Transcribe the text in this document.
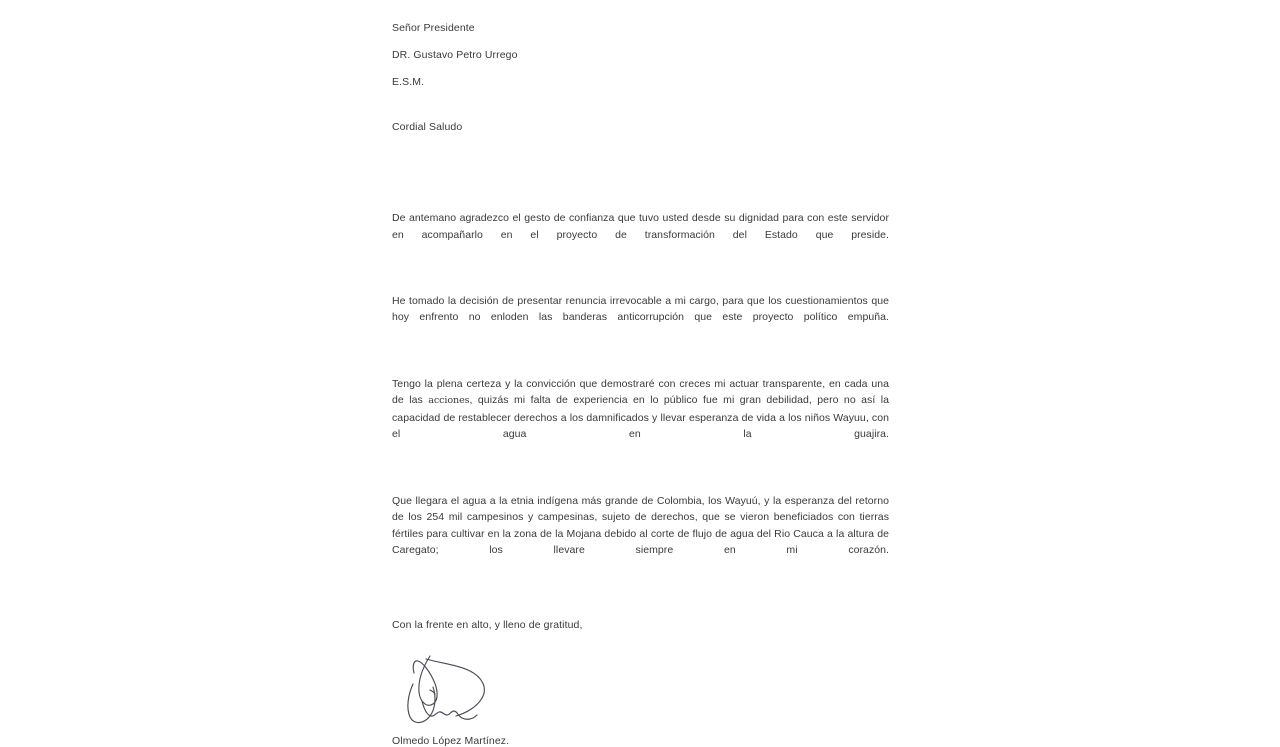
Señor Presidente
DR. Gustavo Petro Urrego
E.S.M.
Cordial Saludo

De antemano agradezco el gesto de confianza que tuvo usted desde su dignidad para con este servidor en acompañarlo en el proyecto de transformación del Estado que preside.

He tomado la decisión de presentar renuncia irrevocable a mi cargo, para que los cuestionamientos que hoy enfrento no enloden las banderas anticorrupción que este proyecto político empuña.

Tengo la plena certeza y la convicción que demostraré con creces mi actuar transparente, en cada una de las acciones, quizás mi falta de experiencia en lo público fue mi gran debilidad, pero no así la capacidad de restablecer derechos a los damnificados y llevar esperanza de vida a los niños Wayuu, con el agua en la guajira.

Que llegara el agua a la etnia indígena más grande de Colombia, los Wayuú, y la esperanza del retorno de los 254 mil campesinos y campesinas, sujeto de derechos, que se vieron beneficiados con tierras fértiles para cultivar en la zona de la Mojana debido al corte de flujo de agua del Rio Cauca a la altura de Caregato; los llevare siempre en mi corazón.

Con la frente en alto, y lleno de gratitud,
Olmedo López Martínez.
